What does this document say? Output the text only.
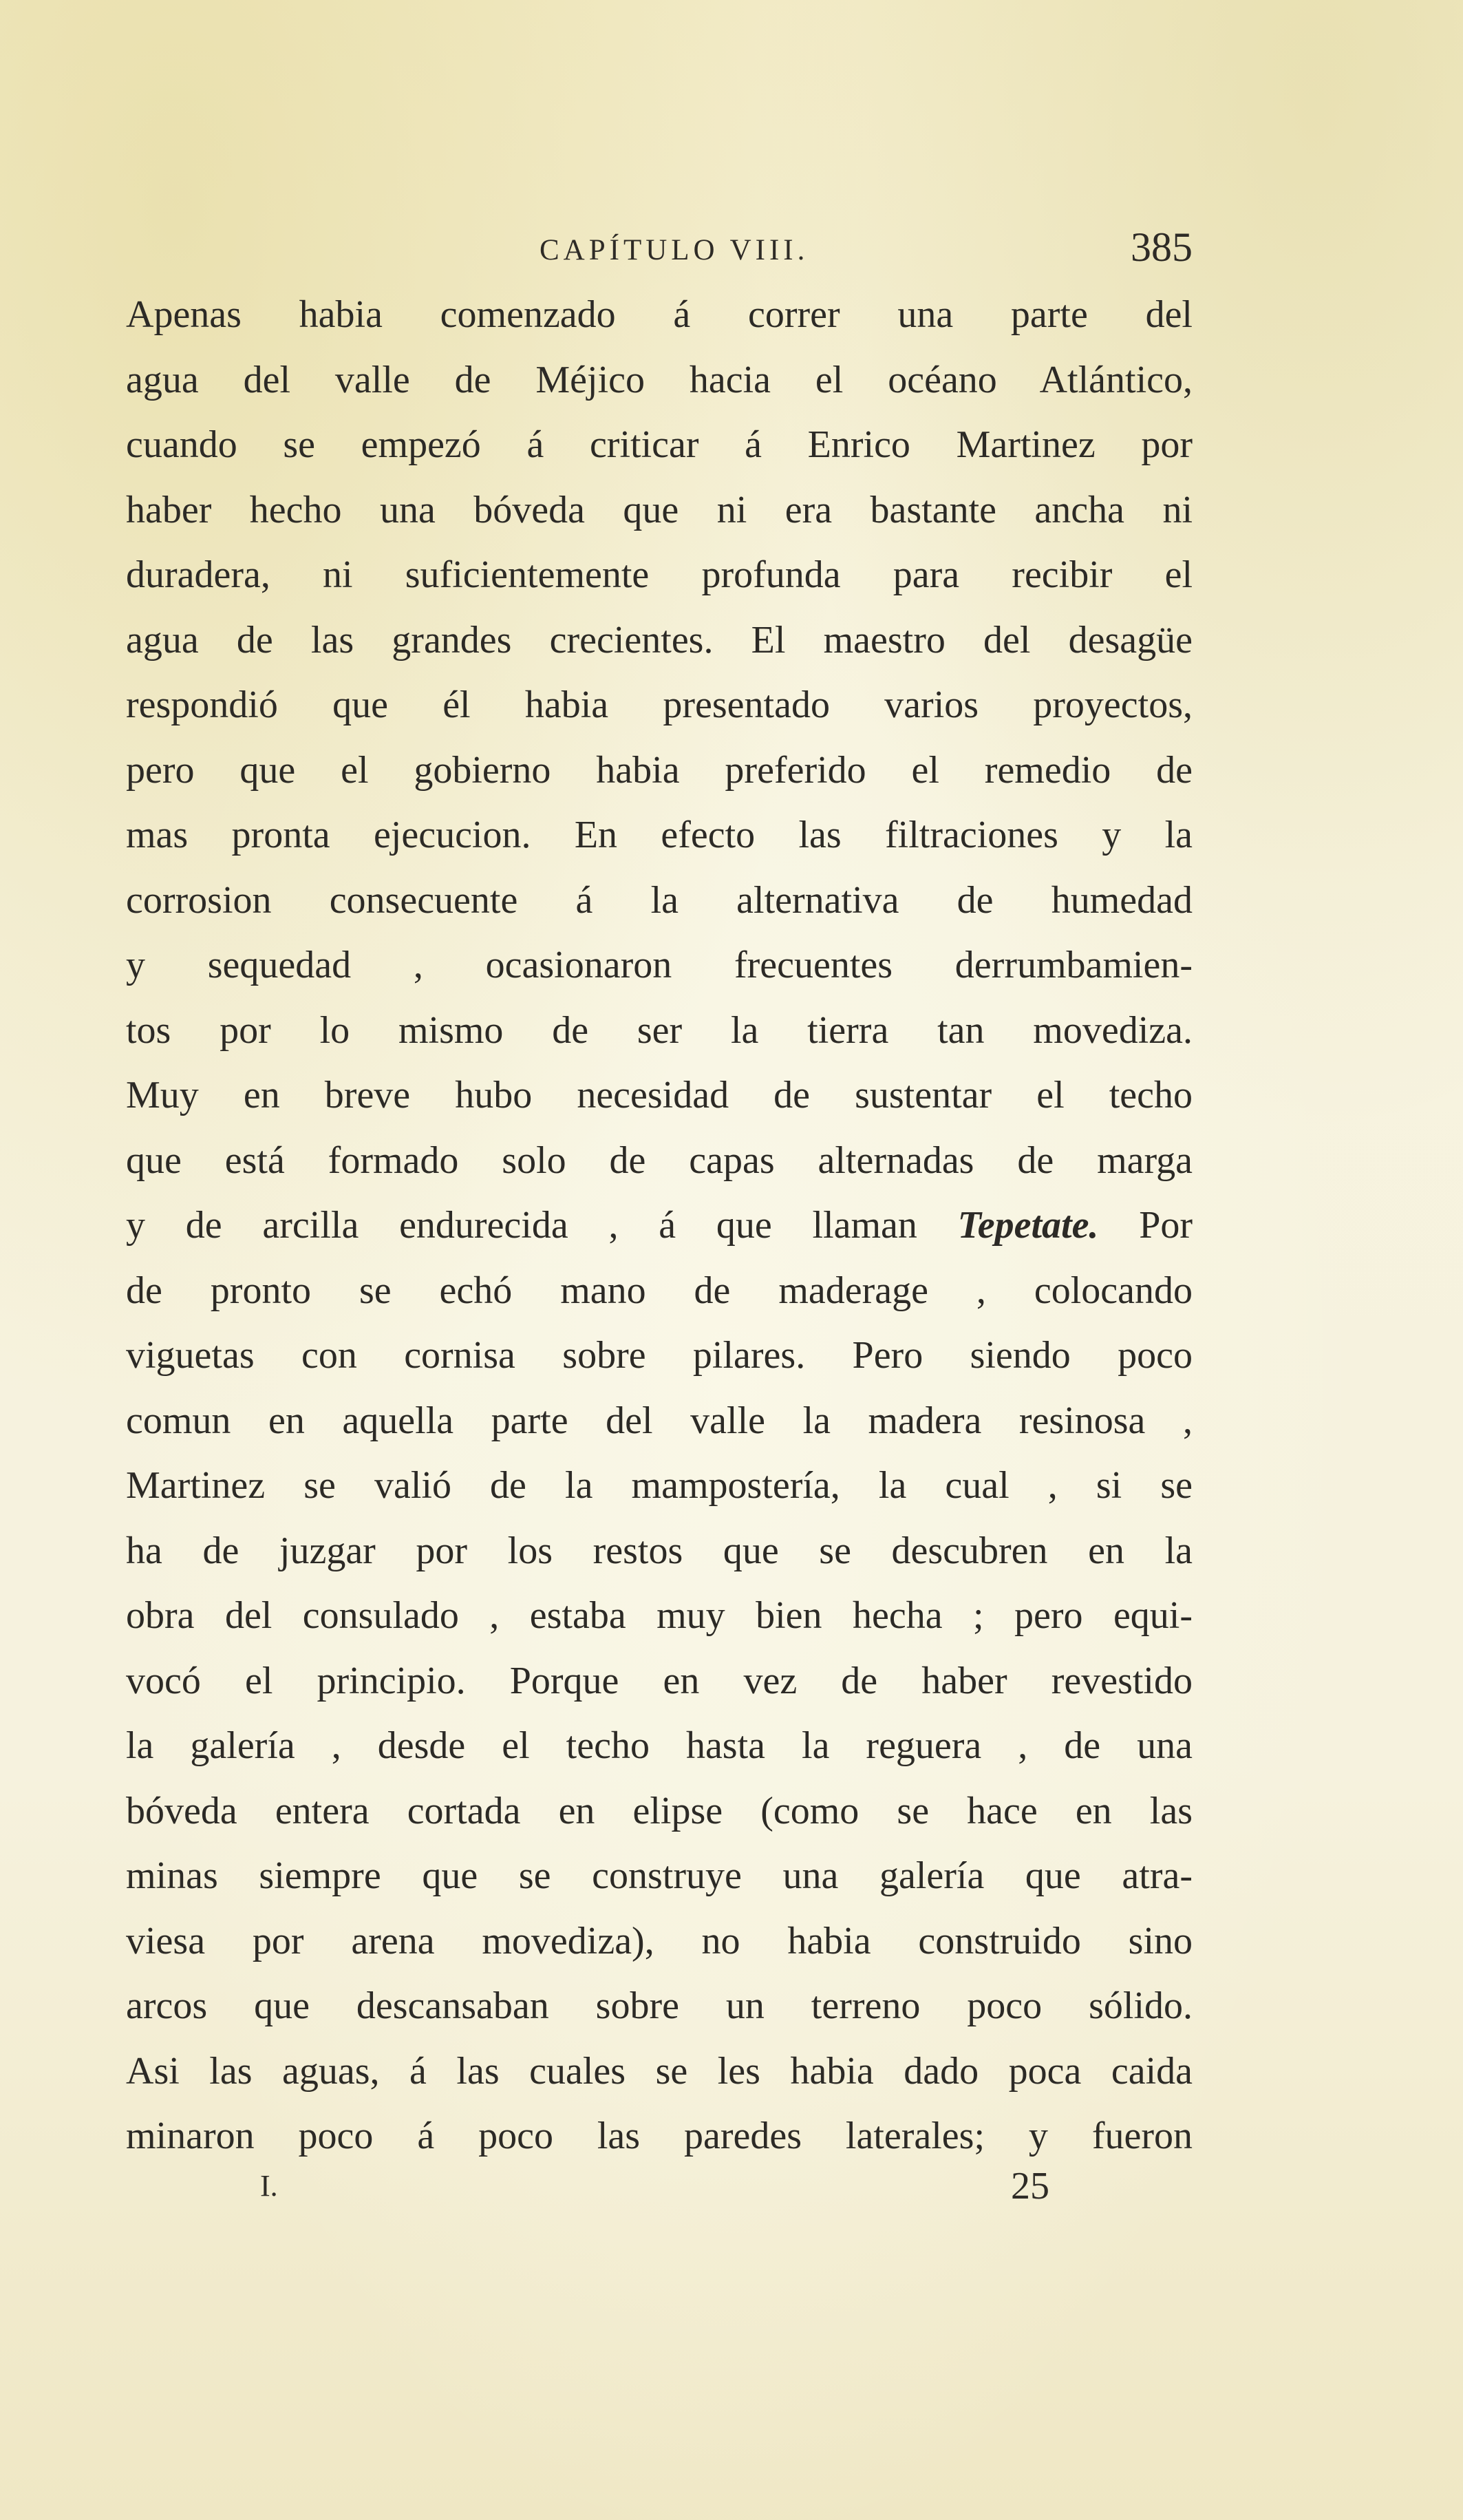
CAPÍTULO VIII.	385
Apenas habia comenzado á correr una parte del
agua del valle de Méjico hacia el océano Atlántico,
cuando se empezó á criticar á Enrico Martinez por
haber hecho una bóveda que ni era bastante ancha ni
duradera, ni suficientemente profunda para recibir el
agua de las grandes crecientes. El maestro del desagüe
respondió que él habia presentado varios proyectos,
pero que el gobierno habia preferido el remedio de
mas pronta ejecucion. En efecto las filtraciones y la
corrosion consecuente á la alternativa de humedad
y sequedad , ocasionaron frecuentes derrumbamien-
tos por lo mismo de ser la tierra tan movediza.
Muy en breve hubo necesidad de sustentar el techo
que está formado solo de capas alternadas de marga
y de arcilla endurecida , á que llaman Tepetate. Por
de pronto se echó mano de maderage , colocando
viguetas con cornisa sobre pilares. Pero siendo poco
comun en aquella parte del valle la madera resinosa ,
Martinez se valió de la mampostería, la cual , si se
ha de juzgar por los restos que se descubren en la
obra del consulado , estaba muy bien hecha ; pero equi-
vocó el principio. Porque en vez de haber revestido
la galería , desde el techo hasta la reguera , de una
bóveda entera cortada en elipse (como se hace en las
minas siempre que se construye una galería que atra-
viesa por arena movediza), no habia construido sino
arcos que descansaban sobre un terreno poco sólido.
Asi las aguas, á las cuales se les habia dado poca caida
minaron poco á poco las paredes laterales; y fueron
I.	25
